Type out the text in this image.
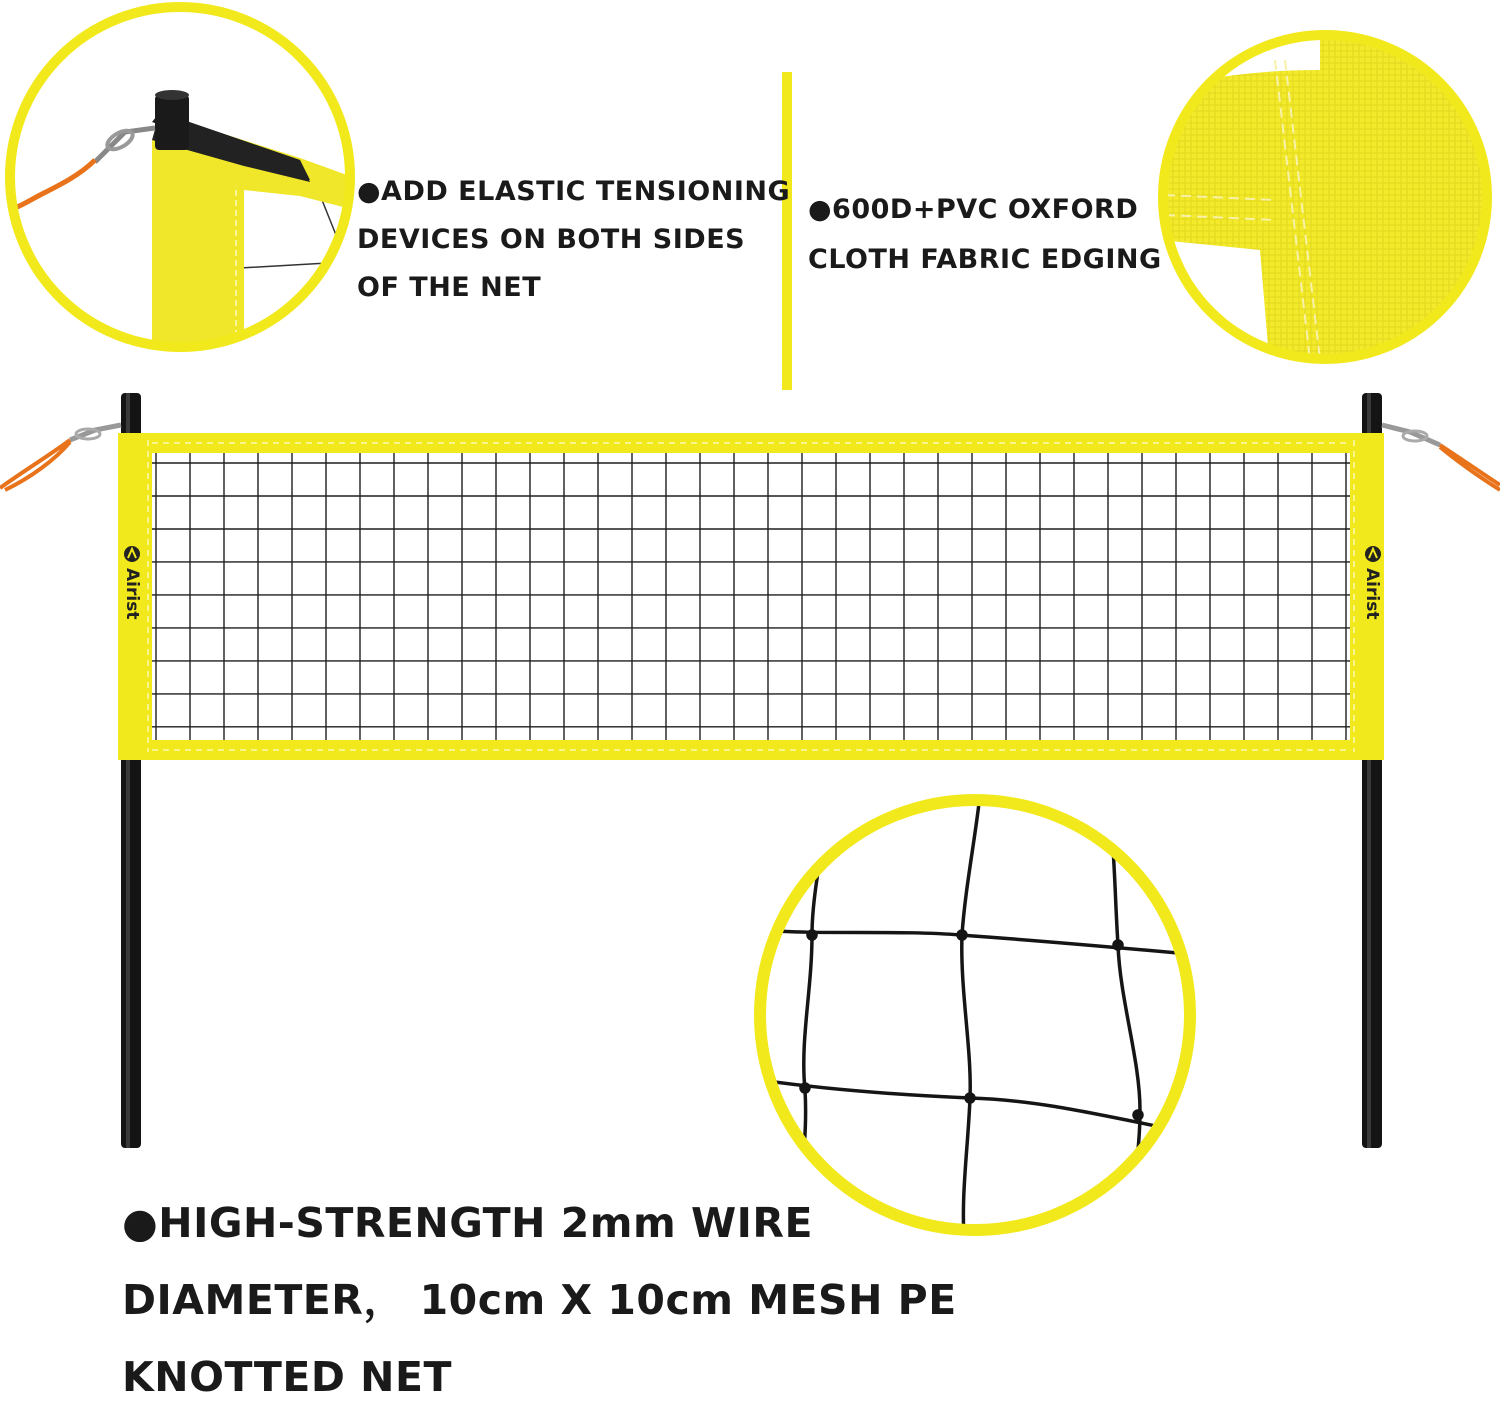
Airist	Airist
●ADD ELASTIC TENSIONING
DEVICES ON BOTH SIDES
OF THE NET
●600D+PVC OXFORD
CLOTH FABRIC EDGING
●HIGH-STRENGTH 2mm WIRE
DIAMETER， 10cm X 10cm MESH PE
KNOTTED NET
